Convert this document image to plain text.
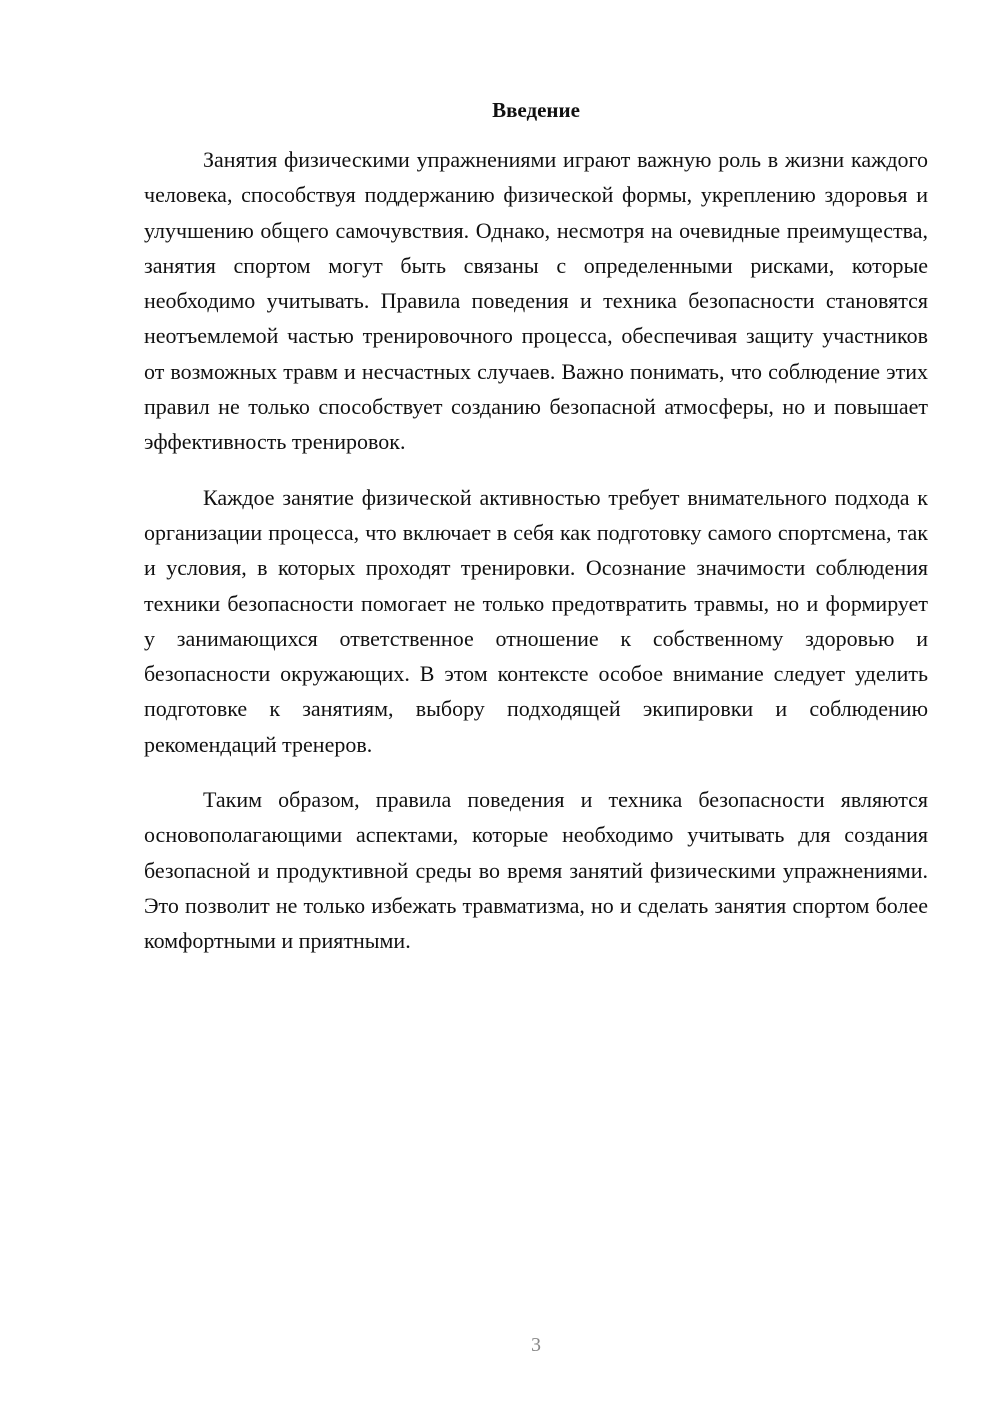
Введение

Занятия физическими упражнениями играют важную роль в жизни каждого человека, способствуя поддержанию физической формы, укреплению здоровья и улучшению общего самочувствия. Однако, несмотря на очевидные преимущества, занятия спортом могут быть связаны с определенными рисками, которые необходимо учитывать. Правила поведения и техника безопасности становятся неотъемлемой частью тренировочного процесса, обеспечивая защиту участников от возможных травм и несчастных случаев. Важно понимать, что соблюдение этих правил не только способствует созданию безопасной атмосферы, но и повышает эффективность тренировок.

Каждое занятие физической активностью требует внимательного подхода к организации процесса, что включает в себя как подготовку самого спортсмена, так и условия, в которых проходят тренировки. Осознание значимости соблюдения техники безопасности помогает не только предотвратить травмы, но и формирует у занимающихся ответственное отношение к собственному здоровью и безопасности окружающих. В этом контексте особое внимание следует уделить подготовке к занятиям, выбору подходящей экипировки и соблюдению рекомендаций тренеров.

Таким образом, правила поведения и техника безопасности являются основополагающими аспектами, которые необходимо учитывать для создания безопасной и продуктивной среды во время занятий физическими упражнениями. Это позволит не только избежать травматизма, но и сделать занятия спортом более комфортными и приятными.

3
